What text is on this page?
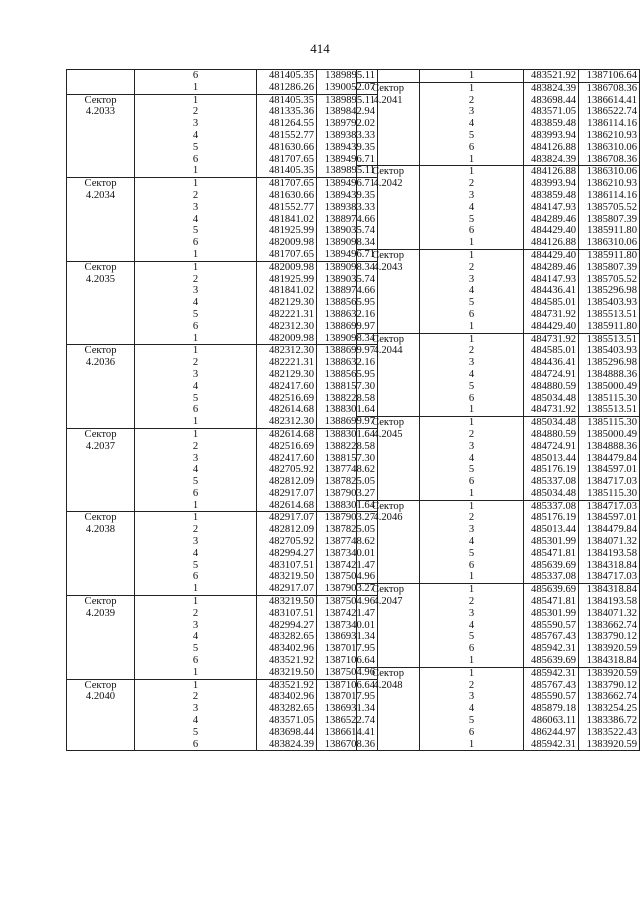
414
	6	481405.35	1389895.11
	1	481286.26	1390052.07
Сектор	1	481405.35	1389895.11
4.2033	2	481335.36	1389842.94
	3	481264.55	1389792.02
	4	481552.77	1389383.33
	5	481630.66	1389439.35
	6	481707.65	1389496.71
	1	481405.35	1389895.11
Сектор	1	481707.65	1389496.71
4.2034	2	481630.66	1389439.35
	3	481552.77	1389383.33
	4	481841.02	1388974.66
	5	481925.99	1389035.74
	6	482009.98	1389098.34
	1	481707.65	1389496.71
Сектор	1	482009.98	1389098.34
4.2035	2	481925.99	1389035.74
	3	481841.02	1388974.66
	4	482129.30	1388565.95
	5	482221.31	1388632.16
	6	482312.30	1388699.97
	1	482009.98	1389098.34
Сектор	1	482312.30	1388699.97
4.2036	2	482221.31	1388632.16
	3	482129.30	1388565.95
	4	482417.60	1388157.30
	5	482516.69	1388228.58
	6	482614.68	1388301.64
	1	482312.30	1388699.97
Сектор	1	482614.68	1388301.64
4.2037	2	482516.69	1388228.58
	3	482417.60	1388157.30
	4	482705.92	1387748.62
	5	482812.09	1387825.05
	6	482917.07	1387903.27
	1	482614.68	1388301.64
Сектор	1	482917.07	1387903.27
4.2038	2	482812.09	1387825.05
	3	482705.92	1387748.62
	4	482994.27	1387340.01
	5	483107.51	1387421.47
	6	483219.50	1387504.96
	1	482917.07	1387903.27
Сектор	1	483219.50	1387504.96
4.2039	2	483107.51	1387421.47
	3	482994.27	1387340.01
	4	483282.65	1386931.34
	5	483402.96	1387017.95
	6	483521.92	1387106.64
	1	483219.50	1387504.96
Сектор	1	483521.92	1387106.64
4.2040	2	483402.96	1387017.95
	3	483282.65	1386931.34
	4	483571.05	1386522.74
	5	483698.44	1386614.41
	6	483824.39	1386708.36
	1	483521.92	1387106.64
Сектор	1	483824.39	1386708.36
4.2041	2	483698.44	1386614.41
	3	483571.05	1386522.74
	4	483859.48	1386114.16
	5	483993.94	1386210.93
	6	484126.88	1386310.06
	1	483824.39	1386708.36
Сектор	1	484126.88	1386310.06
4.2042	2	483993.94	1386210.93
	3	483859.48	1386114.16
	4	484147.93	1385705.52
	5	484289.46	1385807.39
	6	484429.40	1385911.80
	1	484126.88	1386310.06
Сектор	1	484429.40	1385911.80
4.2043	2	484289.46	1385807.39
	3	484147.93	1385705.52
	4	484436.41	1385296.98
	5	484585.01	1385403.93
	6	484731.92	1385513.51
	1	484429.40	1385911.80
Сектор	1	484731.92	1385513.51
4.2044	2	484585.01	1385403.93
	3	484436.41	1385296.98
	4	484724.91	1384888.36
	5	484880.59	1385000.49
	6	485034.48	1385115.30
	1	484731.92	1385513.51
Сектор	1	485034.48	1385115.30
4.2045	2	484880.59	1385000.49
	3	484724.91	1384888.36
	4	485013.44	1384479.84
	5	485176.19	1384597.01
	6	485337.08	1384717.03
	1	485034.48	1385115.30
Сектор	1	485337.08	1384717.03
4.2046	2	485176.19	1384597.01
	3	485013.44	1384479.84
	4	485301.99	1384071.32
	5	485471.81	1384193.58
	6	485639.69	1384318.84
	1	485337.08	1384717.03
Сектор	1	485639.69	1384318.84
4.2047	2	485471.81	1384193.58
	3	485301.99	1384071.32
	4	485590.57	1383662.74
	5	485767.43	1383790.12
	6	485942.31	1383920.59
	1	485639.69	1384318.84
Сектор	1	485942.31	1383920.59
4.2048	2	485767.43	1383790.12
	3	485590.57	1383662.74
	4	485879.18	1383254.25
	5	486063.11	1383386.72
	6	486244.97	1383522.43
	1	485942.31	1383920.59
